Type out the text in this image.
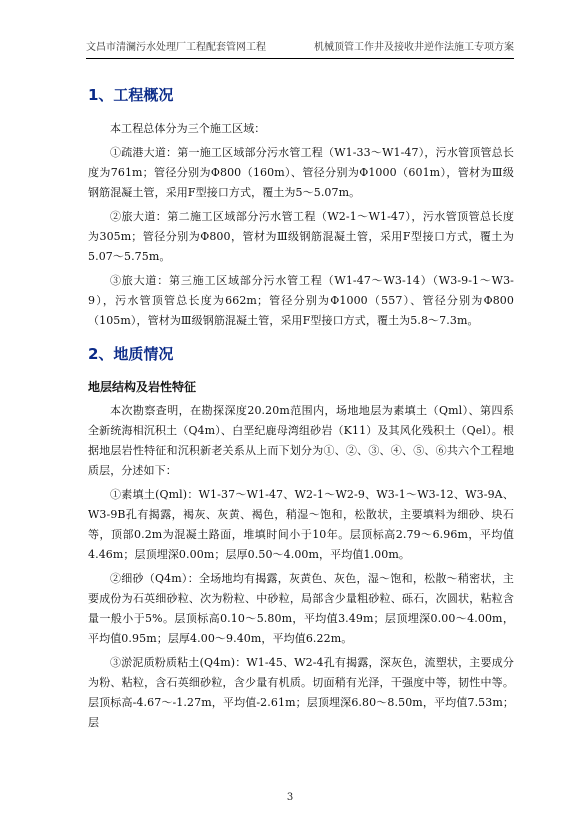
文昌市清澜污水处理厂工程配套管网工程	机械顶管工作井及接收井逆作法施工专项方案
1、工程概况

本工程总体分为三个施工区域：

①疏港大道：第一施工区域部分污水管工程（W1-33～W1-47），污水管顶管总长度为761m；管径分别为Φ800（160m）、管径分别为Φ1000（601m），管材为Ⅲ级钢筋混凝土管，采用F型接口方式，覆土为5～5.07m。

②旅大道：第二施工区域部分污水管工程（W2-1～W1-47），污水管顶管总长度为305m；管径分别为Φ800，管材为Ⅲ级钢筋混凝土管，采用F型接口方式，覆土为5.07～5.75m。

③旅大道：第三施工区域部分污水管工程（W1-47～W3-14）（W3-9-1～W3-9），污水管顶管总长度为662m；管径分别为Φ1000（557）、管径分别为Φ800（105m），管材为Ⅲ级钢筋混凝土管，采用F型接口方式，覆土为5.8～7.3m。

2、地质情况
地层结构及岩性特征

本次勘察查明，在勘探深度20.20m范围内，场地地层为素填土（Qml）、第四系全新统海相沉积土（Q4m）、白垩纪鹿母湾组砂岩（K11）及其风化残积土（Qel）。根据地层岩性特征和沉积新老关系从上而下划分为①、②、③、④、⑤、⑥共六个工程地质层，分述如下：

①素填土(Qml)：W1-37～W1-47、W2-1～W2-9、W3-1～W3-12、W3-9A、W3-9B孔有揭露，褐灰、灰黄、褐色，稍湿～饱和，松散状，主要填料为细砂、块石等，顶部0.2m为混凝土路面，堆填时间小于10年。层顶标高2.79～6.96m，平均值4.46m；层顶埋深0.00m；层厚0.50～4.00m，平均值1.00m。

②细砂（Q4m）：全场地均有揭露，灰黄色、灰色，湿～饱和，松散～稍密状，主要成份为石英细砂粒、次为粉粒、中砂粒，局部含少量粗砂粒、砾石，次圆状，粘粒含量一般小于5%。层顶标高0.10～5.80m，平均值3.49m；层顶埋深0.00～4.00m，平均值0.95m；层厚4.00～9.40m，平均值6.22m。

③淤泥质粉质粘土(Q4m)：W1-45、W2-4孔有揭露，深灰色，流塑状，主要成分为粉、粘粒，含石英细砂粒，含少量有机质。切面稍有光泽，干强度中等，韧性中等。层顶标高-4.67～-1.27m，平均值-2.61m；层顶埋深6.80～8.50m，平均值7.53m；层

3
